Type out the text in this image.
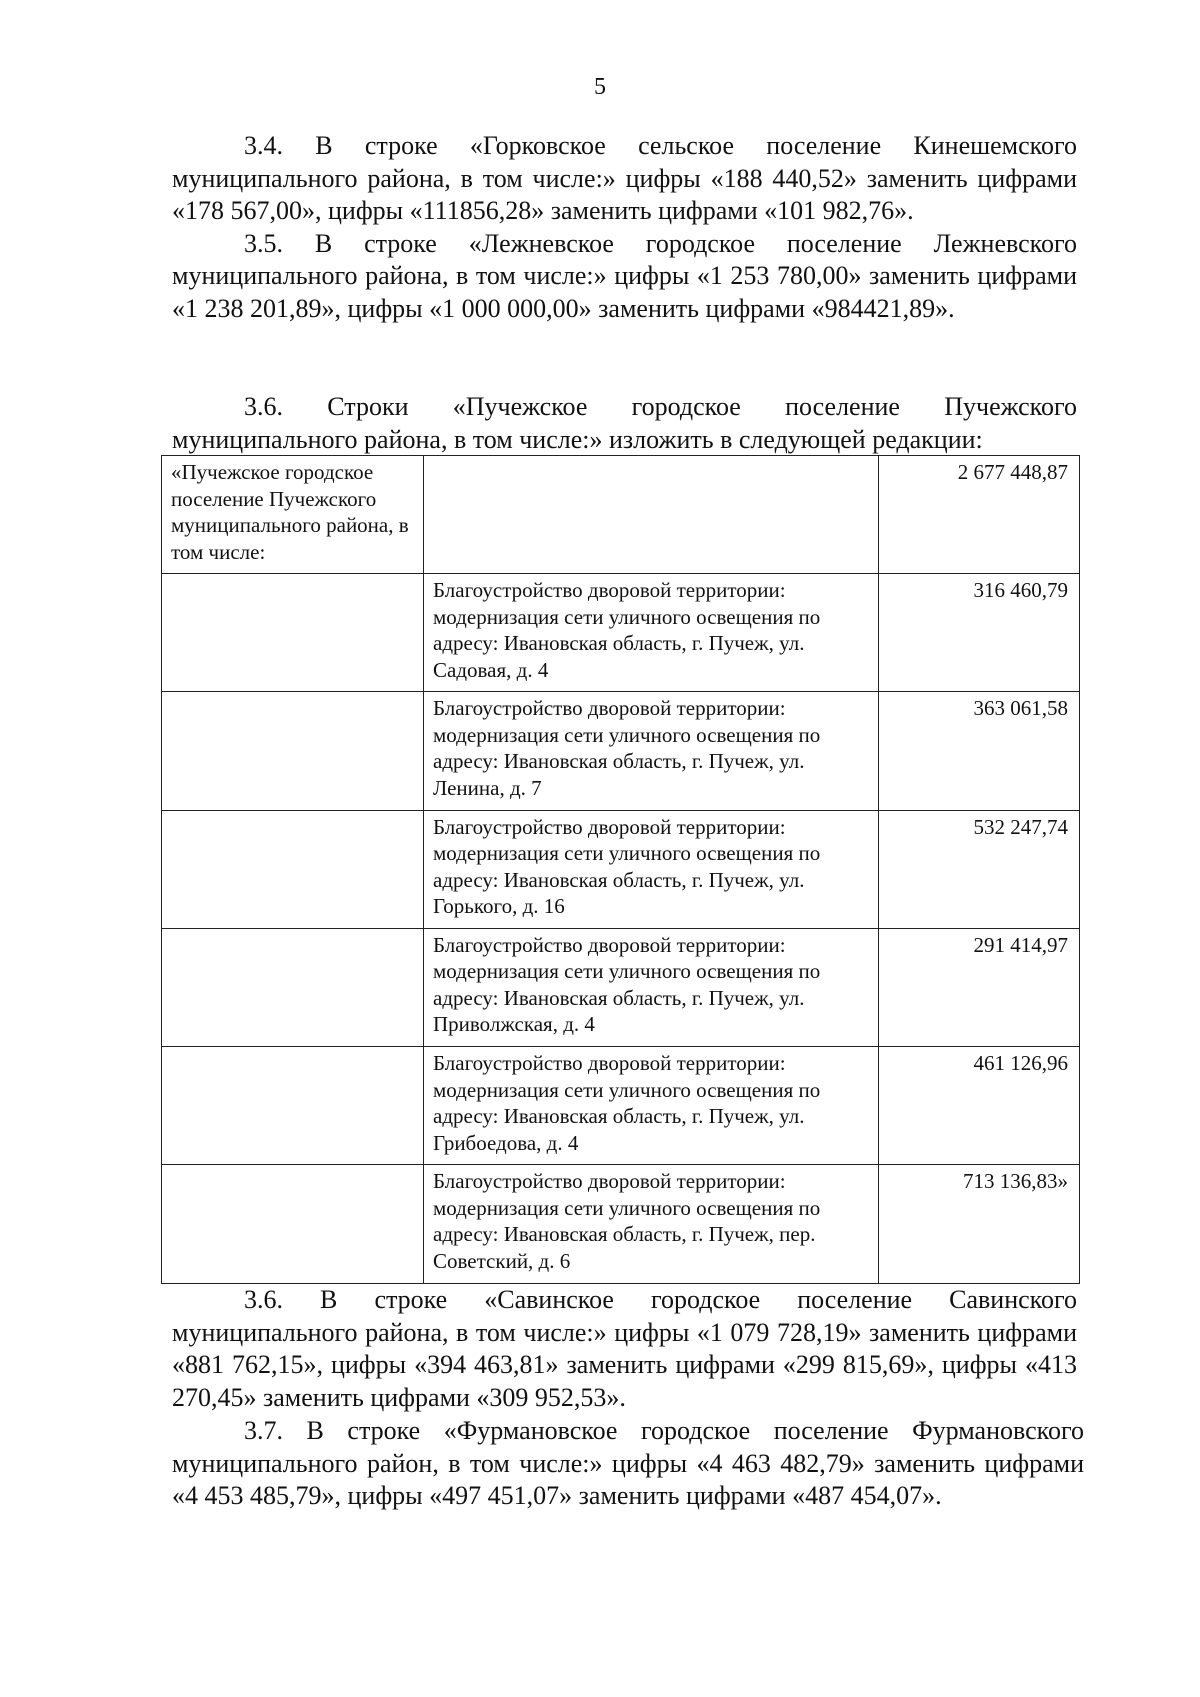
5

3.4. В строке «Горковское сельское поселение Кинешемского муниципального района, в том числе:» цифры «188 440,52» заменить цифрами «178 567,00», цифры «111856,28» заменить цифрами «101 982,76».

3.5. В строке «Лежневское городское поселение Лежневского муниципального района, в том числе:» цифры «1 253 780,00» заменить цифрами «1 238 201,89», цифры «1 000 000,00» заменить цифрами «984421,89».

3.6. Строки «Пучежское городское поселение Пучежского муниципального района, в том числе:» изложить в следующей редакции:

«Пучежское городское поселение Пучежского муниципального района, в том числе:		2 677 448,87
	Благоустройство дворовой территории: модернизация сети уличного освещения по адресу: Ивановская область, г. Пучеж, ул. Садовая, д. 4	316 460,79
	Благоустройство дворовой территории: модернизация сети уличного освещения по адресу: Ивановская область, г. Пучеж, ул. Ленина, д. 7	363 061,58
	Благоустройство дворовой территории: модернизация сети уличного освещения по адресу: Ивановская область, г. Пучеж, ул. Горького, д. 16	532 247,74
	Благоустройство дворовой территории: модернизация сети уличного освещения по адресу: Ивановская область, г. Пучеж, ул. Приволжская, д. 4	291 414,97
	Благоустройство дворовой территории: модернизация сети уличного освещения по адресу: Ивановская область, г. Пучеж, ул. Грибоедова, д. 4	461 126,96
	Благоустройство дворовой территории: модернизация сети уличного освещения по адресу: Ивановская область, г. Пучеж, пер. Советский, д. 6	713 136,83»

3.6. В строке «Савинское городское поселение Савинского муниципального района, в том числе:» цифры «1 079 728,19» заменить цифрами «881 762,15», цифры «394 463,81» заменить цифрами «299 815,69», цифры «413 270,45» заменить цифрами «309 952,53».

3.7. В строке «Фурмановское городское поселение Фурмановского муниципального район, в том числе:» цифры «4 463 482,79» заменить цифрами «4 453 485,79», цифры «497 451,07» заменить цифрами «487 454,07».
